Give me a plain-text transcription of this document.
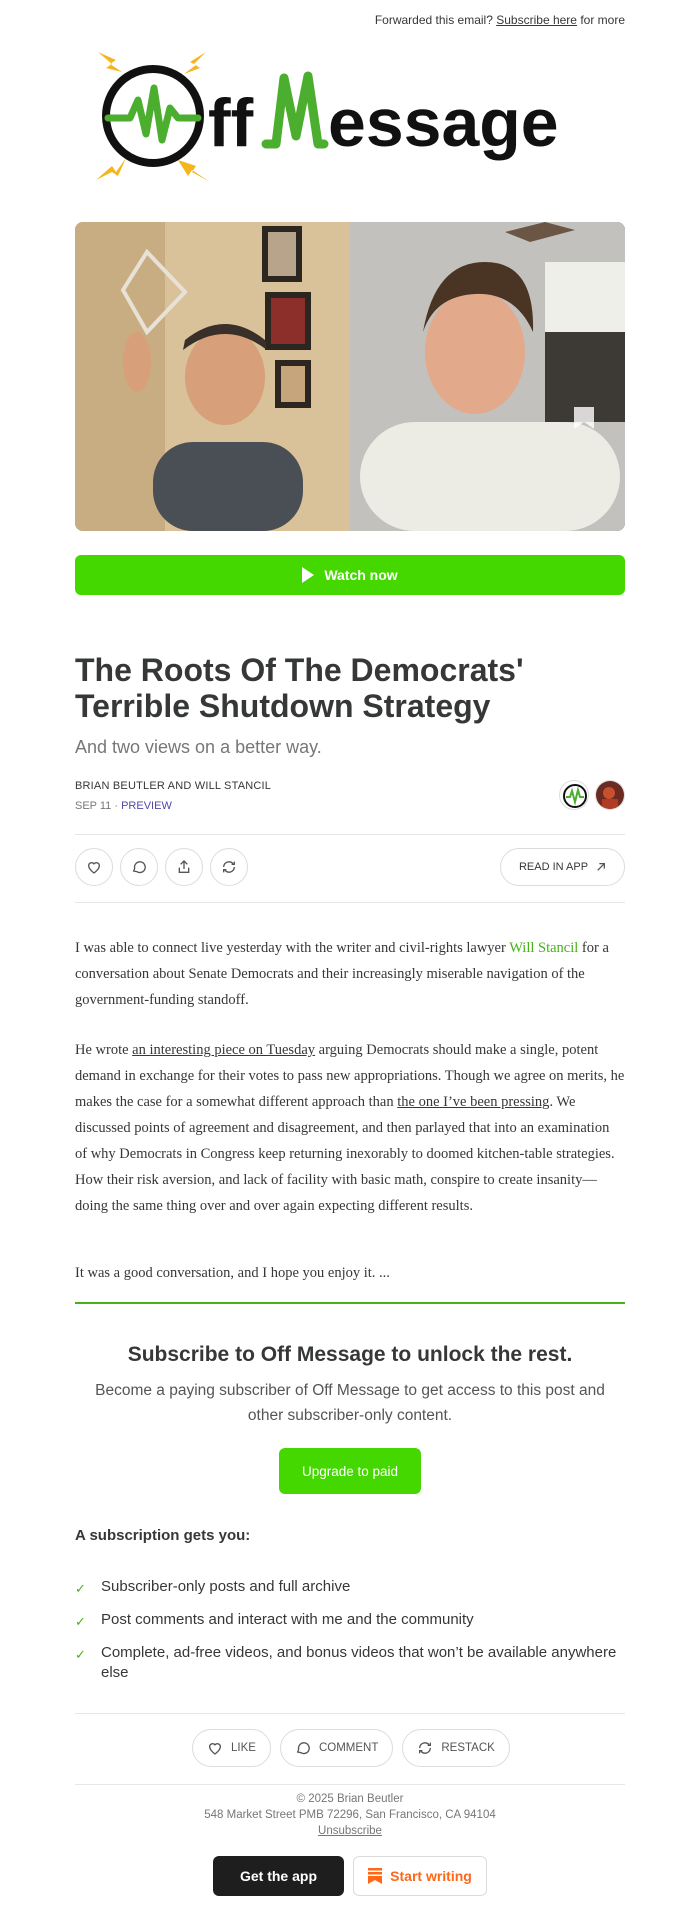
Forwarded this email? Subscribe here for more
ff essage
Watch now
The Roots Of The Democrats' Terrible Shutdown Strategy
And two views on a better way.
BRIAN BEUTLER AND WILL STANCIL
SEP 11 · PREVIEW
READ IN APP

I was able to connect live yesterday with the writer and civil-rights lawyer Will Stancil for a conversation about Senate Democrats and their increasingly miserable navigation of the government-funding standoff.

He wrote an interesting piece on Tuesday arguing Democrats should make a single, potent demand in exchange for their votes to pass new appropriations. Though we agree on merits, he makes the case for a somewhat different approach than the one I’ve been pressing. We discussed points of agreement and disagreement, and then parlayed that into an examination of why Democrats in Congress keep returning inexorably to doomed kitchen-table strategies. How their risk aversion, and lack of facility with basic math, conspire to create insanity—doing the same thing over and over again expecting different results.

It was a good conversation, and I hope you enjoy it. ...

Subscribe to Off Message to unlock the rest.

Become a paying subscriber of Off Message to get access to this post and other subscriber-only content.

Upgrade to paid
A subscription gets you:
✓	Subscriber-only posts and full archive
✓	Post comments and interact with me and the community
✓	Complete, ad-free videos, and bonus videos that won’t be available anywhere else
LIKE	COMMENT	RESTACK
© 2025 Brian Beutler
548 Market Street PMB 72296, San Francisco, CA 94104
Unsubscribe
Get the app	Start writing
